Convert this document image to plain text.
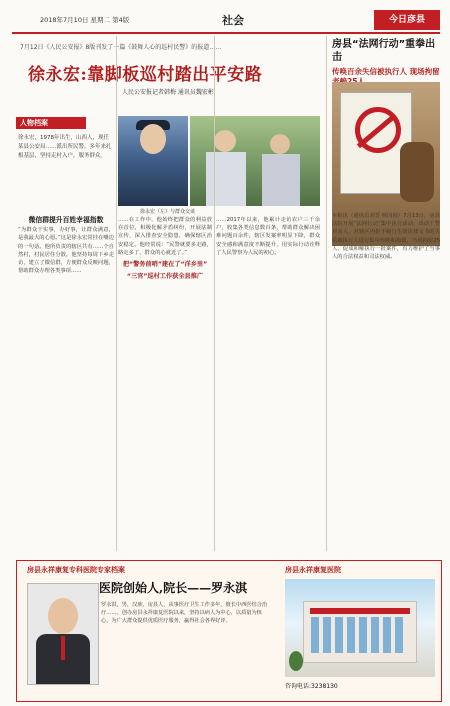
2018年7月10日 星期二 第4版	社会	今日彦县
7月12日《人民公安报》8版刊发了一篇《鼓舞人心的巡村民警》的报道……
徐永宏:靠脚板巡村踏出平安路
人民公安报记者韩梅 通讯员魏宏彬
人物档案
徐永宏，1978年出生，山西人，现任某县公安局……派出所民警。多年来扎根基层，坚持走村入户，服务群众。
徐永宏（左）与群众交谈
微信群提升百姓幸福指数
“为群众干实事，办好事，让群众满意，是我最大的心愿。”这是徐永宏常挂在嘴边的一句话。他所负责的辖区共有……个自然村，村民居住分散，他坚持每周下乡走访，建立了微信群，方便群众反映问题，帮助群众办理各类事项……
……在工作中，他始终把群众的利益放在首位，积极化解矛盾纠纷，开展法制宣传，深入排查安全隐患，确保辖区治安稳定。他经常说：“民警就要多走路，路走多了，群众的心就近了。”
把“警务前哨”建在了“洋乡里”
“三官”巡村工作获全县推广
……2017年以来，他累计走访农户三千余户，收集各类信息数百条，帮助群众解决困难问题百余件，辖区发案率明显下降，群众安全感和满意度不断提升，用实际行动诠释了人民警察为人民的初心。
房县“法网行动”重拳出击
传唤百余失信被执行人 现场拘留
本报讯（通讯员刘晋 杨园园）7月13日，房县法院开展“法网行动”集中执行活动，出动干警百余人，对辖区内拒不履行生效法律文书的失信被执行人进行集中传唤和拘留，当场拘留25人，促成和解执行一批案件，有力维护了当事人的合法权益和司法权威。
房县永祥康复专科医院专家档案	房县永祥康复医院
医院创始人,院长——罗永淇
罗永淇，男，汉族，房县人，从事医疗卫生工作多年，擅长中西医结合治疗……。创办房县永祥康复医院以来，坚持以病人为中心，以质量为核心，为广大群众提供优质医疗服务，赢得社会各界好评。
咨询电话:3238130
